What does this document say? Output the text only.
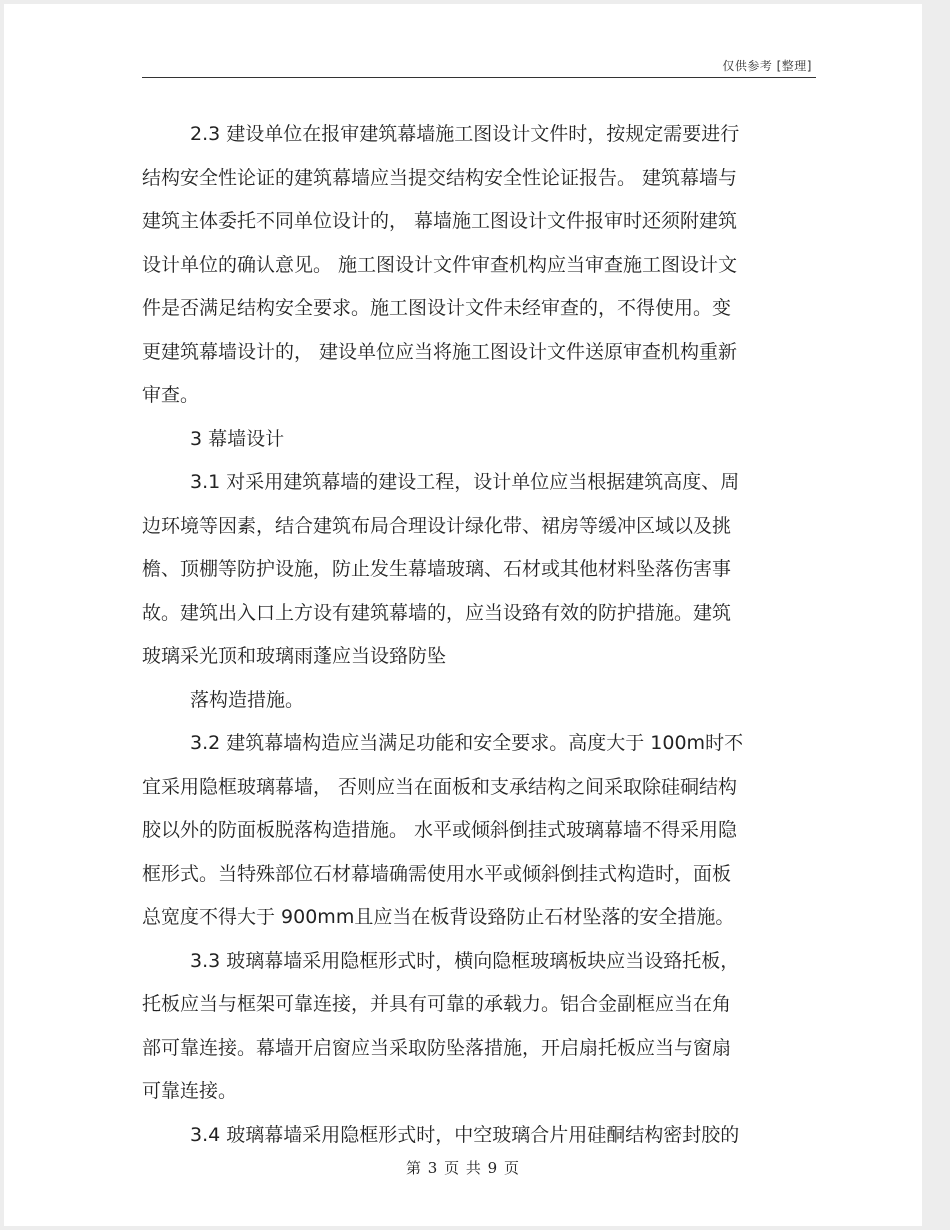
仅供参考 [整理]
2.3 建设单位在报审建筑幕墙施工图设计文件时，按规定需要进行
结构安全性论证的建筑幕墙应当提交结构安全性论证报告。 建筑幕墙与
建筑主体委托不同单位设计的， 幕墙施工图设计文件报审时还须附建筑
设计单位的确认意见。 施工图设计文件审查机构应当审查施工图设计文
件是否满足结构安全要求。施工图设计文件未经审查的，不得使用。变
更建筑幕墙设计的， 建设单位应当将施工图设计文件送原审查机构重新
审查。
3 幕墙设计
3.1 对采用建筑幕墙的建设工程，设计单位应当根据建筑高度、周
边环境等因素，结合建筑布局合理设计绿化带、裙房等缓冲区域以及挑
檐、顶棚等防护设施，防止发生幕墙玻璃、石材或其他材料坠落伤害事
故。建筑出入口上方设有建筑幕墙的，应当设臵有效的防护措施。建筑
玻璃采光顶和玻璃雨蓬应当设臵防坠
落构造措施。
3.2 建筑幕墙构造应当满足功能和安全要求。高度大于 100m时不
宜采用隐框玻璃幕墙， 否则应当在面板和支承结构之间采取除硅硐结构
胶以外的防面板脱落构造措施。 水平或倾斜倒挂式玻璃幕墙不得采用隐
框形式。当特殊部位石材幕墙确需使用水平或倾斜倒挂式构造时，面板
总宽度不得大于 900mm且应当在板背设臵防止石材坠落的安全措施。
3.3 玻璃幕墙采用隐框形式时，横向隐框玻璃板块应当设臵托板，
托板应当与框架可靠连接，并具有可靠的承载力。铝合金副框应当在角
部可靠连接。幕墙开启窗应当采取防坠落措施，开启扇托板应当与窗扇
可靠连接。
3.4 玻璃幕墙采用隐框形式时，中空玻璃合片用硅酮结构密封胶的
第 3 页 共 9 页
